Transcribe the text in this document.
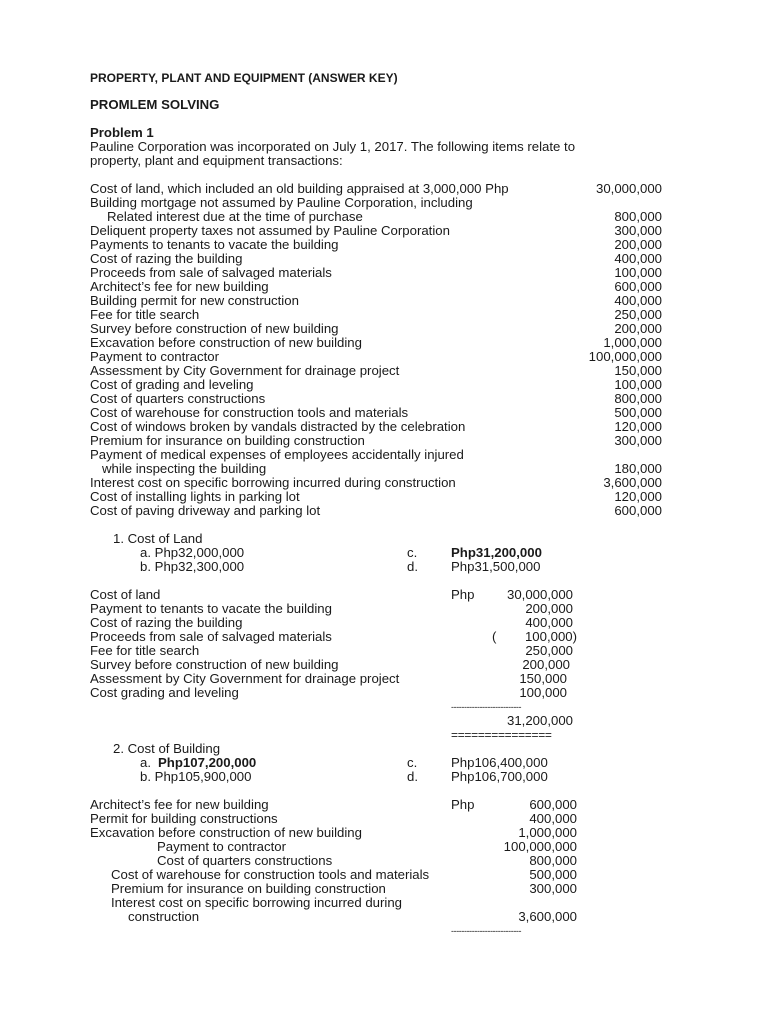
PROPERTY, PLANT AND EQUIPMENT (ANSWER KEY)
PROMLEM SOLVING
Problem 1
Pauline Corporation was incorporated on July 1, 2017. The following items relate to
property, plant and equipment transactions:
Cost of land, which included an old building appraised at 3,000,000 Php	30,000,000
Building mortgage not assumed by Pauline Corporation, including
Related interest due at the time of purchase	800,000
Deliquent property taxes not assumed by Pauline Corporation	300,000
Payments to tenants to vacate the building	200,000
Cost of razing the building	400,000
Proceeds from sale of salvaged materials	100,000
Architect’s fee for new building	600,000
Building permit for new construction	400,000
Fee for title search	250,000
Survey before construction of new building	200,000
Excavation before construction of new building	1,000,000
Payment to contractor	100,000,000
Assessment by City Government for drainage project	150,000
Cost of grading and leveling	100,000
Cost of quarters constructions	800,000
Cost of warehouse for construction tools and materials	500,000
Cost of windows broken by vandals distracted by the celebration	120,000
Premium for insurance on building construction	300,000
Payment of medical expenses of employees accidentally injured
while inspecting the building	180,000
Interest cost on specific borrowing incurred during construction	3,600,000
Cost of installing lights in parking lot	120,000
Cost of paving driveway and parking lot	600,000
1. Cost of Land
a. Php32,000,000	c.	Php31,200,000
b. Php32,300,000	d.	Php31,500,000
Cost of land	Php	30,000,000
Payment to tenants to vacate the building	200,000
Cost of razing the building	400,000
Proceeds from sale of salvaged materials	(	100,000)
Fee for title search	250,000
Survey before construction of new building	200,000
Assessment by City Government for drainage project	150,000
Cost grading and leveling	100,000
---------------------------
31,200,000
===============
2. Cost of Building
a. Php107,200,000	c.	Php106,400,000
b. Php105,900,000	d.	Php106,700,000
Architect’s fee for new building	Php	600,000
Permit for building constructions	400,000
Excavation before construction of new building	1,000,000
Payment to contractor	100,000,000
Cost of quarters constructions	800,000
Cost of warehouse for construction tools and materials	500,000
Premium for insurance on building construction	300,000
Interest cost on specific borrowing incurred during
construction	3,600,000
---------------------------
